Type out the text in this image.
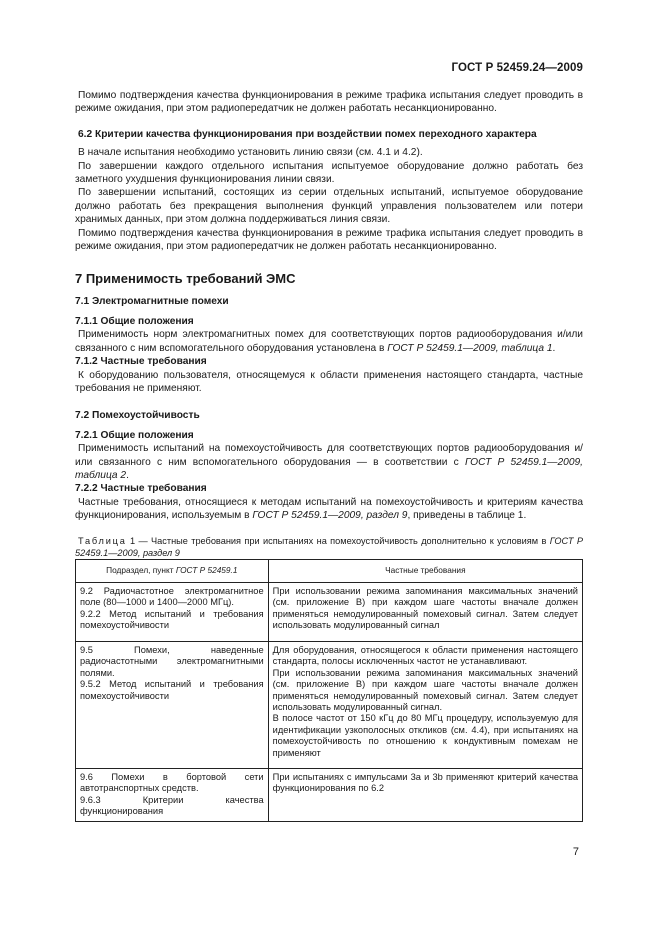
ГОСТ Р 52459.24—2009

Помимо подтверждения качества функционирования в режиме трафика испытания следует проводить в режиме ожидания, при этом радиопередатчик не должен работать несанкционированно.

6.2 Критерии качества функционирования при воздействии помех переходного характера

В начале испытания необходимо установить линию связи (см. 4.1 и 4.2).

По завершении каждого отдельного испытания испытуемое оборудование должно работать без заметного ухудшения функционирования линии связи.

По завершении испытаний, состоящих из серии отдельных испытаний, испытуемое оборудование должно работать без прекращения выполнения функций управления пользователем или потери хранимых данных, при этом должна поддерживаться линия связи.

Помимо подтверждения качества функционирования в режиме трафика испытания следует проводить в режиме ожидания, при этом радиопередатчик не должен работать несанкционированно.

7 Применимость требований ЭМС
7.1 Электромагнитные помехи
7.1.1 Общие положения

Применимость норм электромагнитных помех для соответствующих портов радиооборудования и/или связанного с ним вспомогательного оборудования установлена в ГОСТ Р 52459.1—2009, таблица 1.

7.1.2 Частные требования

К оборудованию пользователя, относящемуся к области применения настоящего стандарта, частные требования не применяют.

7.2 Помехоустойчивость
7.2.1 Общие положения

Применимость испытаний на помехоустойчивость для соответствующих портов радиооборудования и/или связанного с ним вспомогательного оборудования — в соответствии с ГОСТ Р 52459.1—2009, таблица 2.

7.2.2 Частные требования

Частные требования, относящиеся к методам испытаний на помехоустойчивость и критериям качества функционирования, используемым в ГОСТ Р 52459.1—2009, раздел 9, приведены в таблице 1.

Таблица 1 — Частные требования при испытаниях на помехоустойчивость дополнительно к условиям в ГОСТ Р 52459.1—2009, раздел 9

Подраздел, пункт ГОСТ Р 52459.1	Частные требования

9.2 Радиочастотное электромагнитное поле (80—1000 и 1400—2000 МГц).
9.2.2 Метод испытаний и требования помехоустойчивости	При использовании режима запоминания максимальных значений (см. приложение В) при каждом шаге частоты вначале должен применяться немодулированный помеховый сигнал. Затем следует использовать модулированный сигнал

9.5 Помехи, наведенные радиочастотными электромагнитными полями.
9.5.2 Метод испытаний и требования помехоустойчивости	Для оборудования, относящегося к области применения настоящего стандарта, полосы исключенных частот не устанавливают.
При использовании режима запоминания максимальных значений (см. приложение В) при каждом шаге частоты вначале должен применяться немодулированный помеховый сигнал. Затем следует использовать модулированный сигнал.
В полосе частот от 150 кГц до 80 МГц процедуру, используемую для идентификации узкополосных откликов (см. 4.4), при испытаниях на помехоустойчивость по отношению к кондуктивным помехам не применяют

9.6 Помехи в бортовой сети автотранспортных средств.
9.6.3 Критерии качества функционирования	При испытаниях с импульсами 3а и 3b применяют критерий качества функционирования по 6.2
7
